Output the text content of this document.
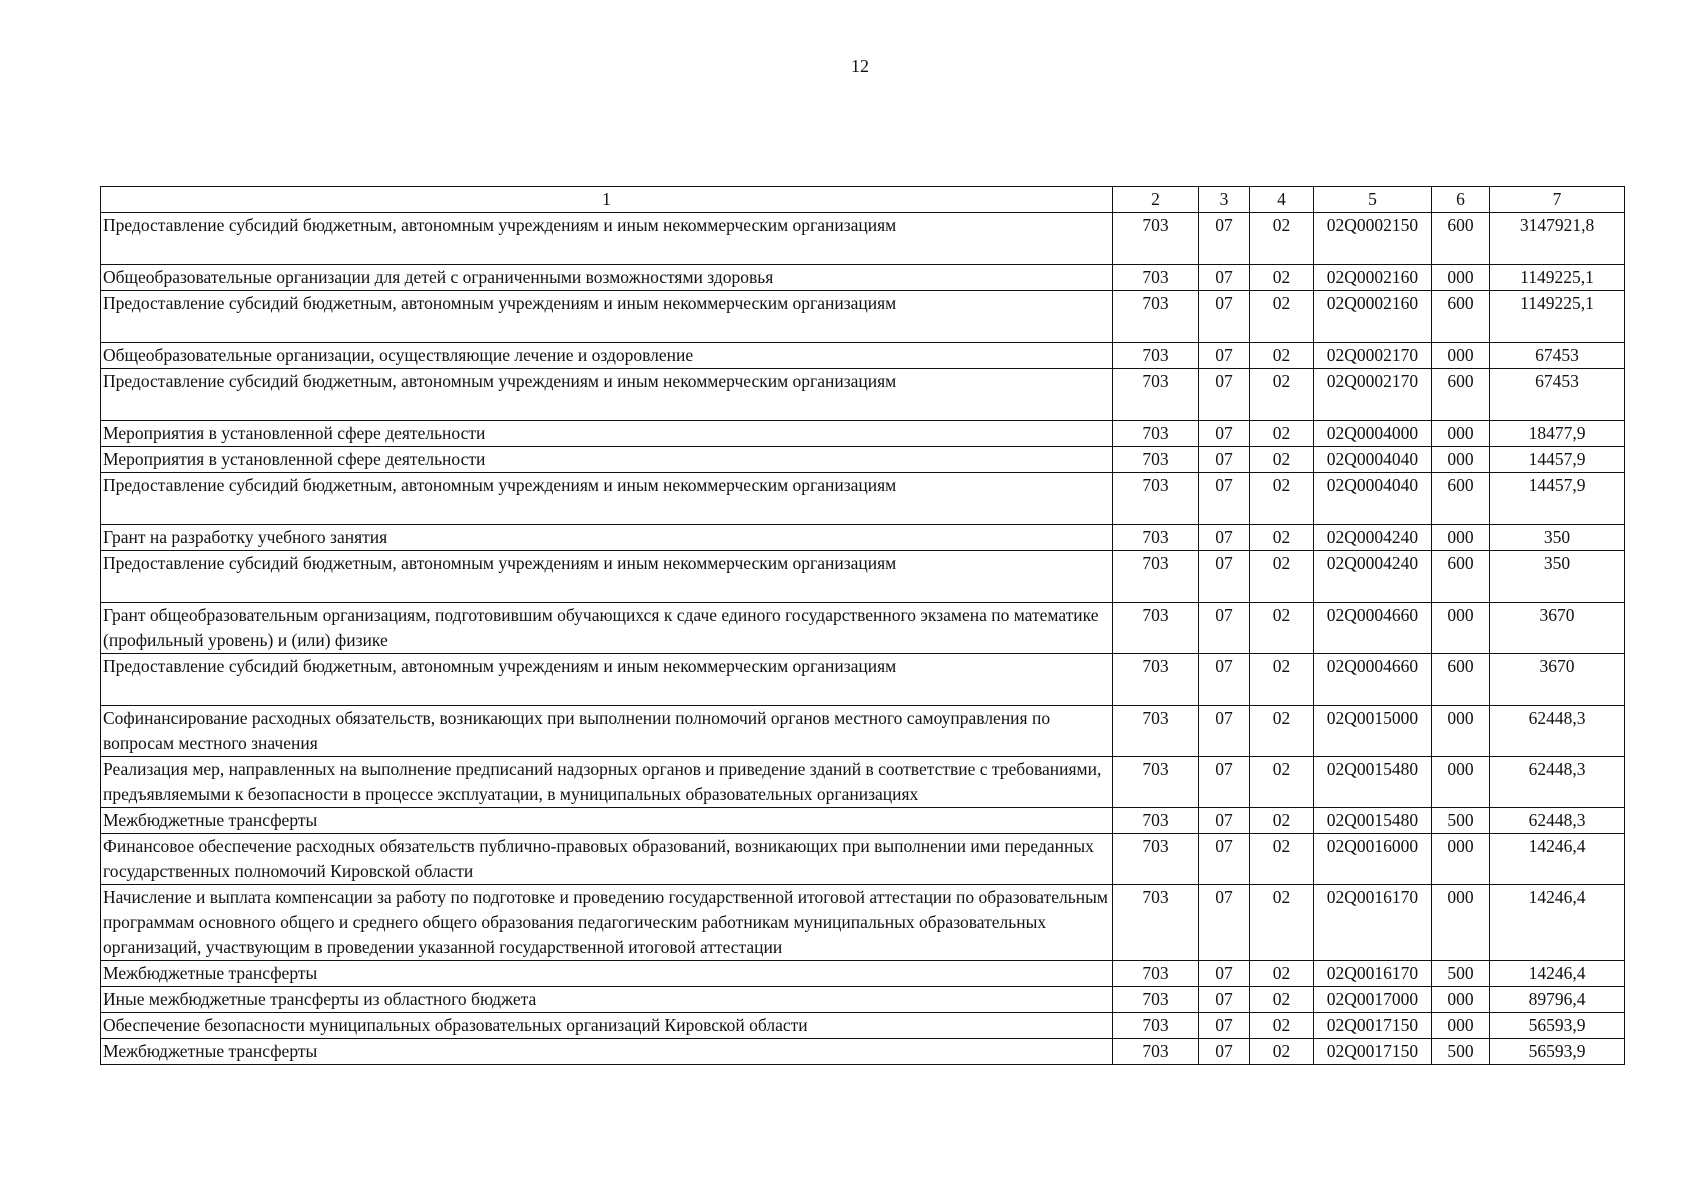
12
1	2	3	4	5	6	7
Предоставление субсидий бюджетным, автономным учреждениям и иным некоммерческим организациям	703	07	02	02Q0002150	600	3147921,8
Общеобразовательные организации для детей с ограниченными возможностями здоровья	703	07	02	02Q0002160	000	1149225,1
Предоставление субсидий бюджетным, автономным учреждениям и иным некоммерческим организациям	703	07	02	02Q0002160	600	1149225,1
Общеобразовательные организации, осуществляющие лечение и оздоровление	703	07	02	02Q0002170	000	67453
Предоставление субсидий бюджетным, автономным учреждениям и иным некоммерческим организациям	703	07	02	02Q0002170	600	67453
Мероприятия в установленной сфере деятельности	703	07	02	02Q0004000	000	18477,9
Мероприятия в установленной сфере деятельности	703	07	02	02Q0004040	000	14457,9
Предоставление субсидий бюджетным, автономным учреждениям и иным некоммерческим организациям	703	07	02	02Q0004040	600	14457,9
Грант на разработку учебного занятия	703	07	02	02Q0004240	000	350
Предоставление субсидий бюджетным, автономным учреждениям и иным некоммерческим организациям	703	07	02	02Q0004240	600	350
Грант общеобразовательным организациям, подготовившим обучающихся к сдаче единого государственного экзамена по математике (профильный уровень) и (или) физике	703	07	02	02Q0004660	000	3670
Предоставление субсидий бюджетным, автономным учреждениям и иным некоммерческим организациям	703	07	02	02Q0004660	600	3670
Софинансирование расходных обязательств, возникающих при выполнении полномочий органов местного самоуправления по вопросам местного значения	703	07	02	02Q0015000	000	62448,3
Реализация мер, направленных на выполнение предписаний надзорных органов и приведение зданий в соответствие с требованиями, предъявляемыми к безопасности в процессе эксплуатации, в муниципальных образовательных организациях	703	07	02	02Q0015480	000	62448,3
Межбюджетные трансферты	703	07	02	02Q0015480	500	62448,3
Финансовое обеспечение расходных обязательств публично-правовых образований, возникающих при выполнении ими переданных государственных полномочий Кировской области	703	07	02	02Q0016000	000	14246,4
Начисление и выплата компенсации за работу по подготовке и проведению государственной итоговой аттестации по образовательным программам основного общего и среднего общего образования педагогическим работникам муниципальных образовательных организаций, участвующим в проведении указанной государственной итоговой аттестации	703	07	02	02Q0016170	000	14246,4
Межбюджетные трансферты	703	07	02	02Q0016170	500	14246,4
Иные межбюджетные трансферты из областного бюджета	703	07	02	02Q0017000	000	89796,4
Обеспечение безопасности муниципальных образовательных организаций Кировской области	703	07	02	02Q0017150	000	56593,9
Межбюджетные трансферты	703	07	02	02Q0017150	500	56593,9
